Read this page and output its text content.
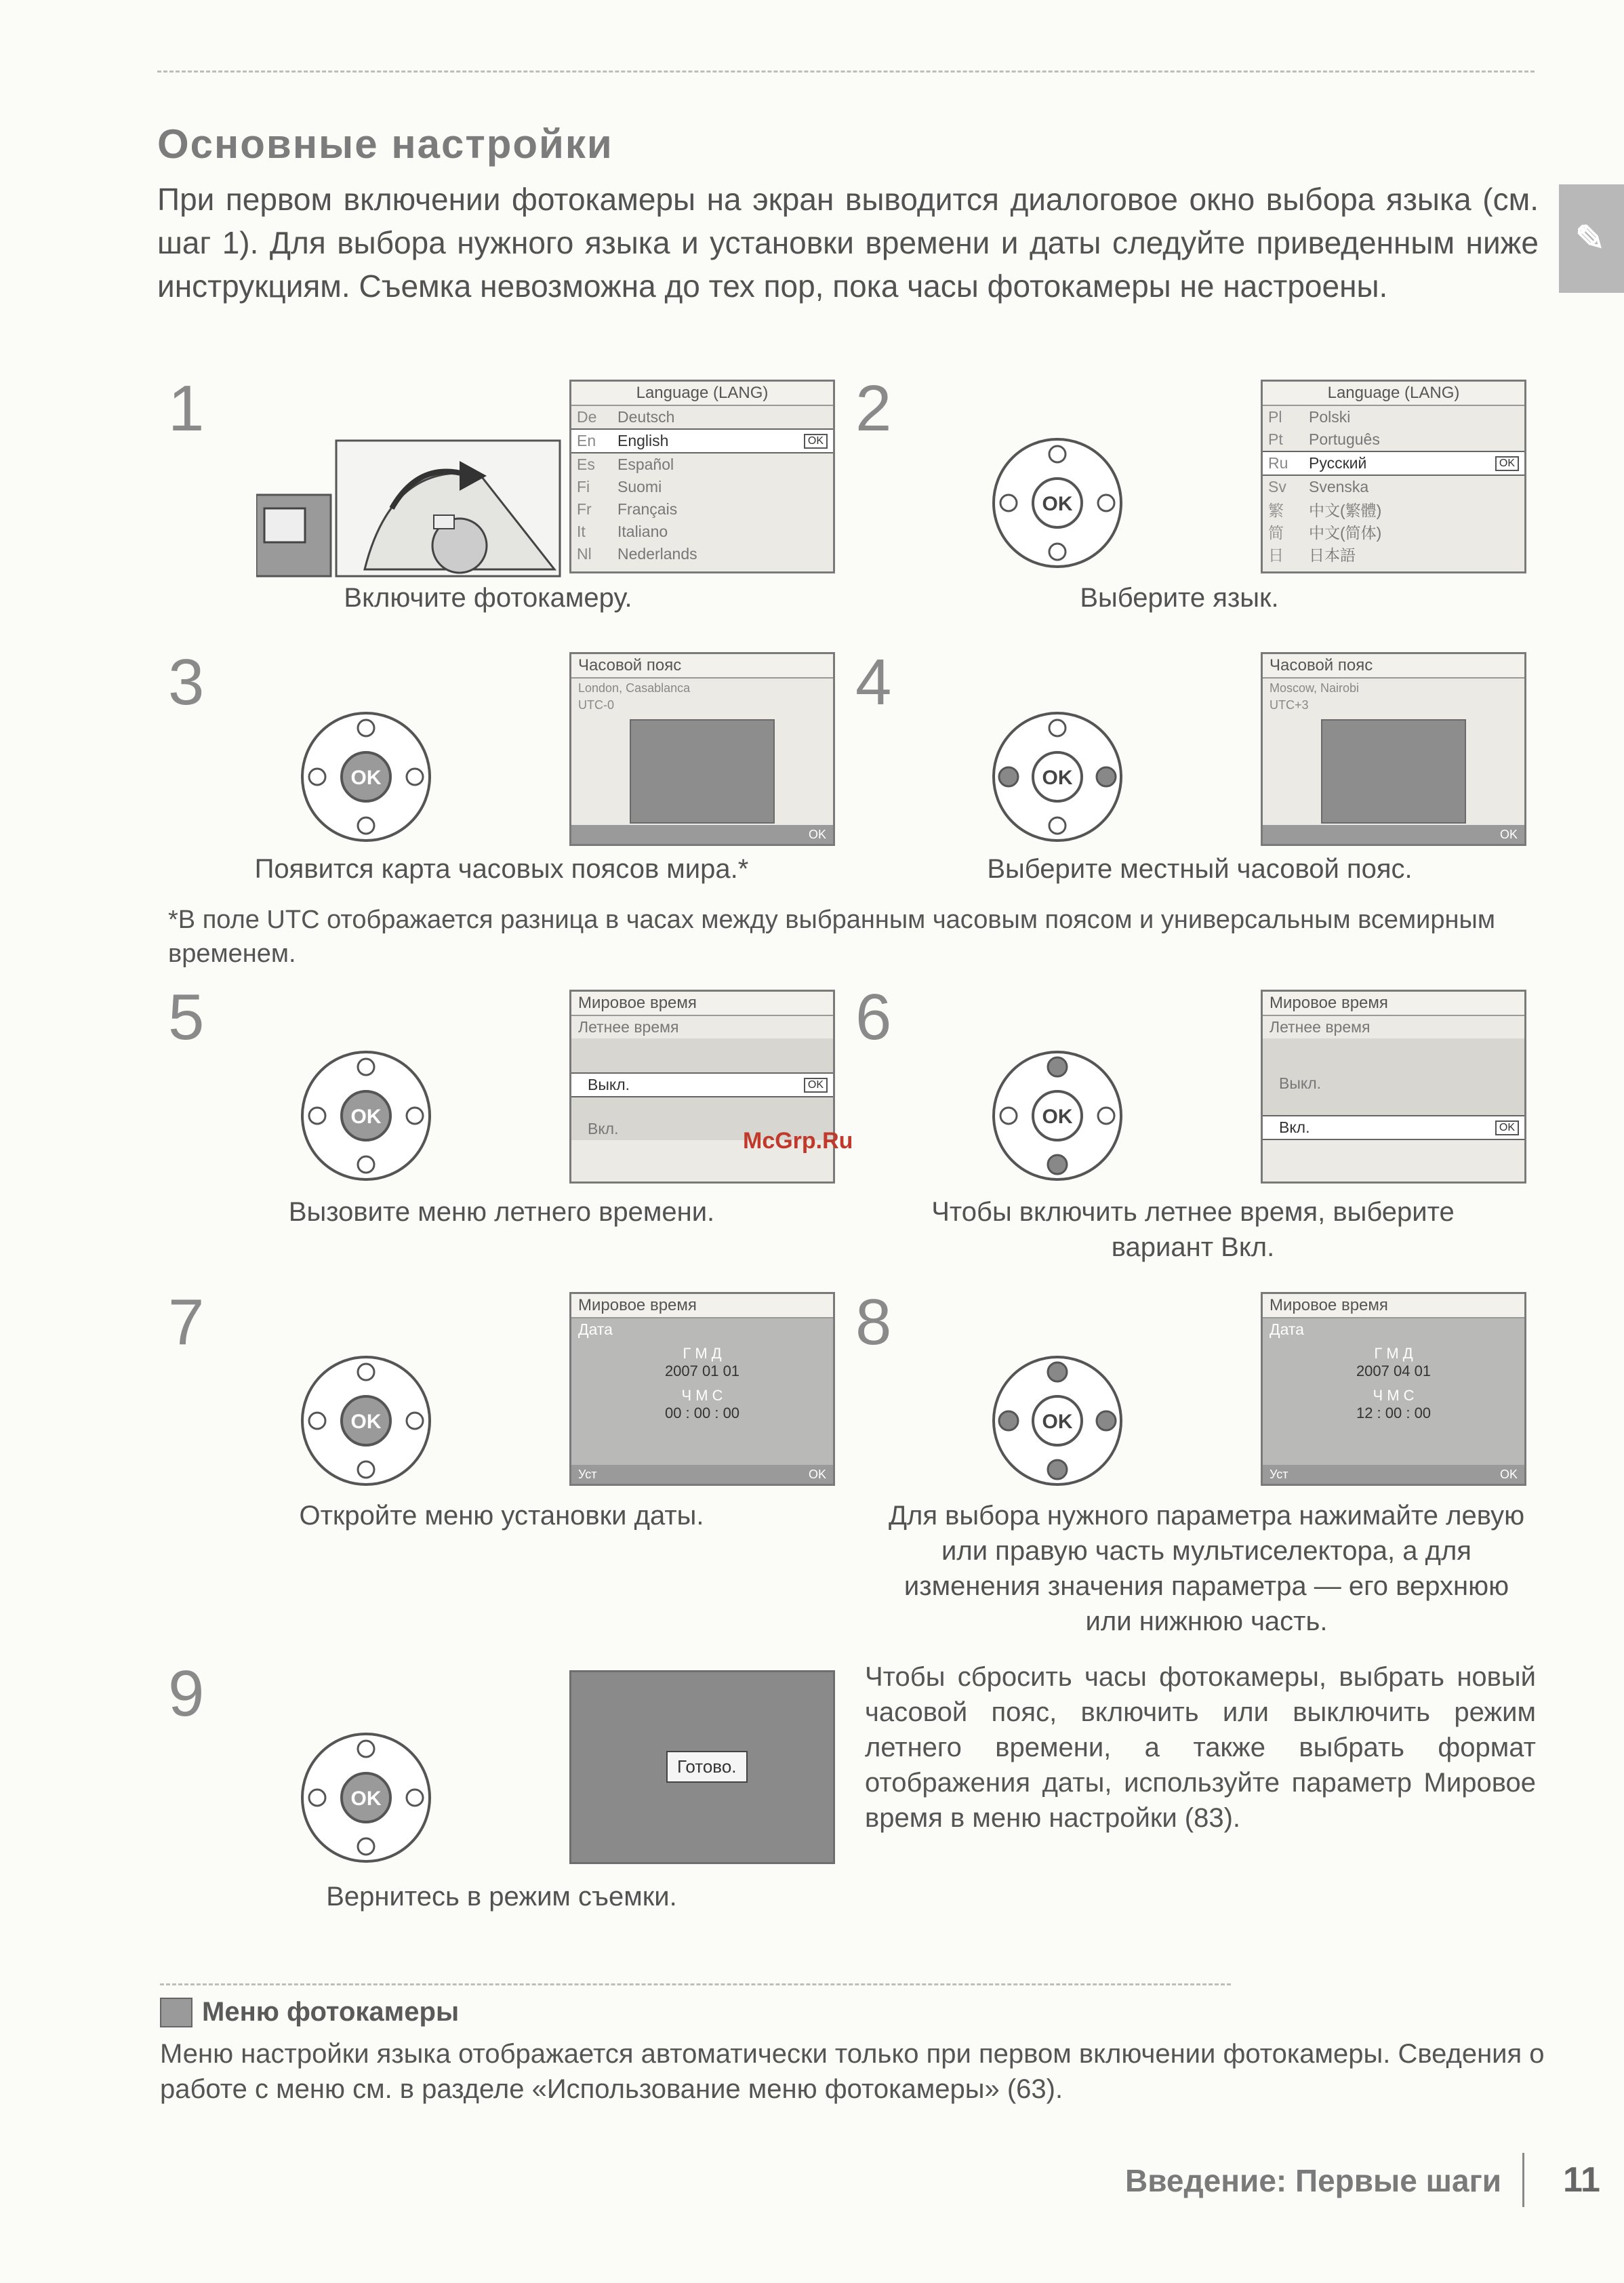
Основные настройки
При первом включении фотокамеры на экран выводится диалоговое окно выбора языка (см. шаг 1). Для выбора нужного языка и установки времени и даты следуйте приведенным ниже инструкциям. Съемка невозможна до тех пор, пока часы фотокамеры не настроены.
✎
1	Language (LANG)
De	Deutsch
En	English	OK
Es	Español
Fi	Suomi
Fr	Français
It	Italiano
Nl	Nederlands
Включите фотокамеру.
2
OK
Language (LANG)
Pl	Polski
Pt	Português
Ru	Русский	OK
Sv	Svenska
繁	中文(繁體)
简	中文(简体)
日	日本語
Выберите язык.
3
OK
Часовой пояс
London, Casablanca
UTC-0
OK
Появится карта часовых поясов мира.*
4
OK
Часовой пояс
Moscow, Nairobi
UTC+3
OK
Выберите местный часовой пояс.
*В поле UTC отображается разница в часах между выбранным часовым поясом и универсальным всемирным временем.
5
OK
Мировое время
Летнее время
Выкл.	OK
Вкл.
Вызовите меню летнего времени.
McGrp.Ru
6
OK
Мировое время
Летнее время
Выкл.
Вкл.	OK
Чтобы включить летнее время, выберите вариант Вкл.
7
OK
Мировое время
Дата
Г М Д
2007 01 01
Ч М С
00 : 00 : 00
Уст	OK
Откройте меню установки даты.
8
OK
Мировое время
Дата
Г М Д
2007 04 01
Ч М С
12 : 00 : 00
Уст	OK
Для выбора нужного параметра нажимайте левую или правую часть мультиселектора, а для изменения значения параметра — его верхнюю или нижнюю часть.
9
OK
Готово.
Вернитесь в режим съемки.
Чтобы сбросить часы фотокамеры, выбрать новый часовой пояс, включить или выключить режим летнего времени, а также выбрать формат отображения даты, используйте параметр Мировое время в меню настройки (83).
Меню фотокамеры
Меню настройки языка отображается автоматически только при первом включении фотокамеры. Сведения о работе с меню см. в разделе «Использование меню фотокамеры» (63).
Введение: Первые шаги 11
